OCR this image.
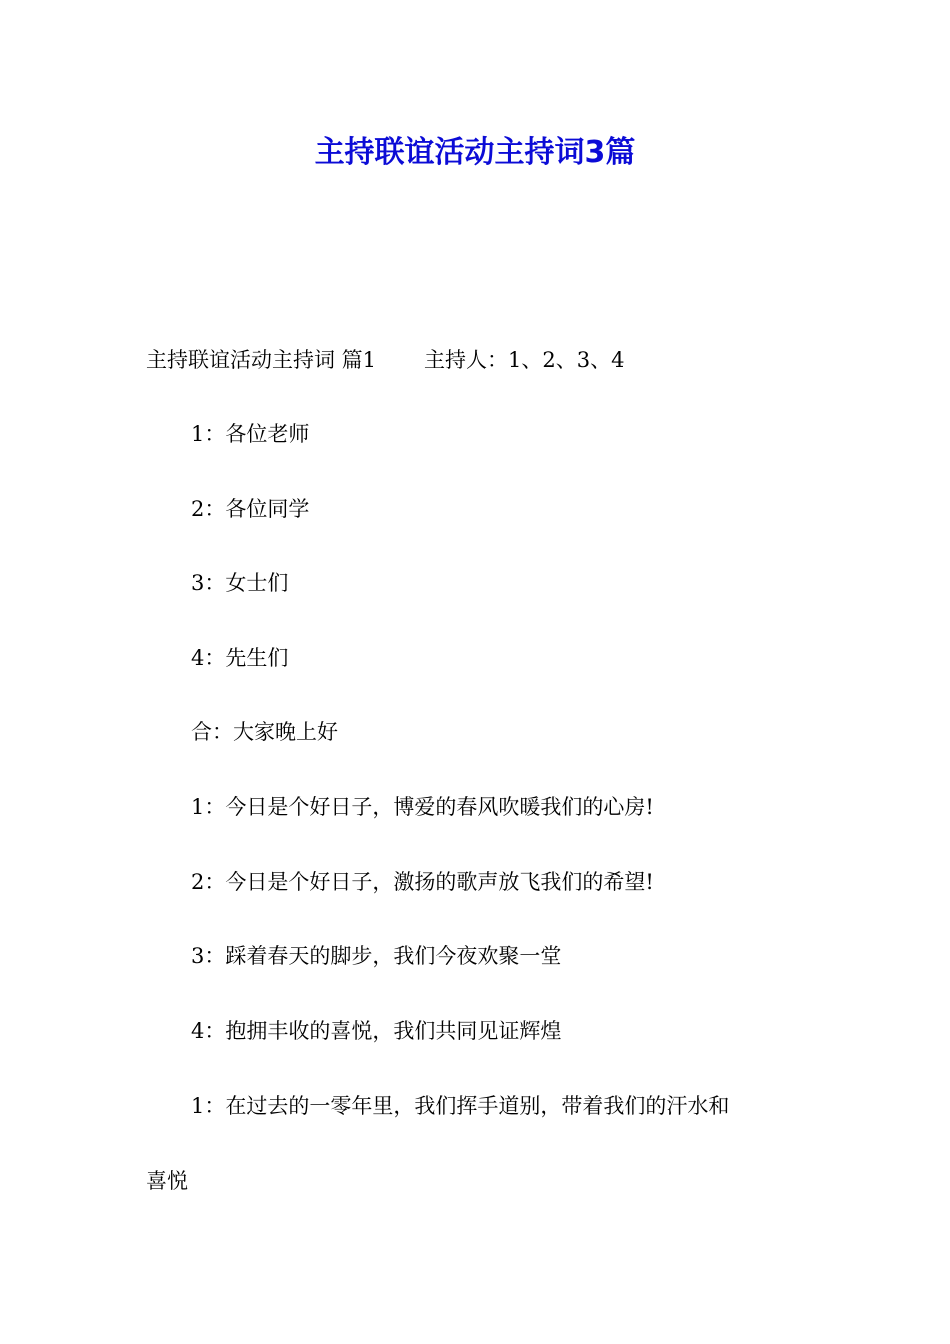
主持联谊活动主持词3篇

主持联谊活动主持词 篇1 主持人：1、2、3、4

1：各位老师

2：各位同学

3：女士们

4：先生们

合：大家晚上好

1：今日是个好日子，博爱的春风吹暖我们的心房!

2：今日是个好日子，激扬的歌声放飞我们的希望!

3：踩着春天的脚步，我们今夜欢聚一堂

4：抱拥丰收的喜悦，我们共同见证辉煌

1：在过去的一零年里，我们挥手道别，带着我们的汗水和

喜悦
